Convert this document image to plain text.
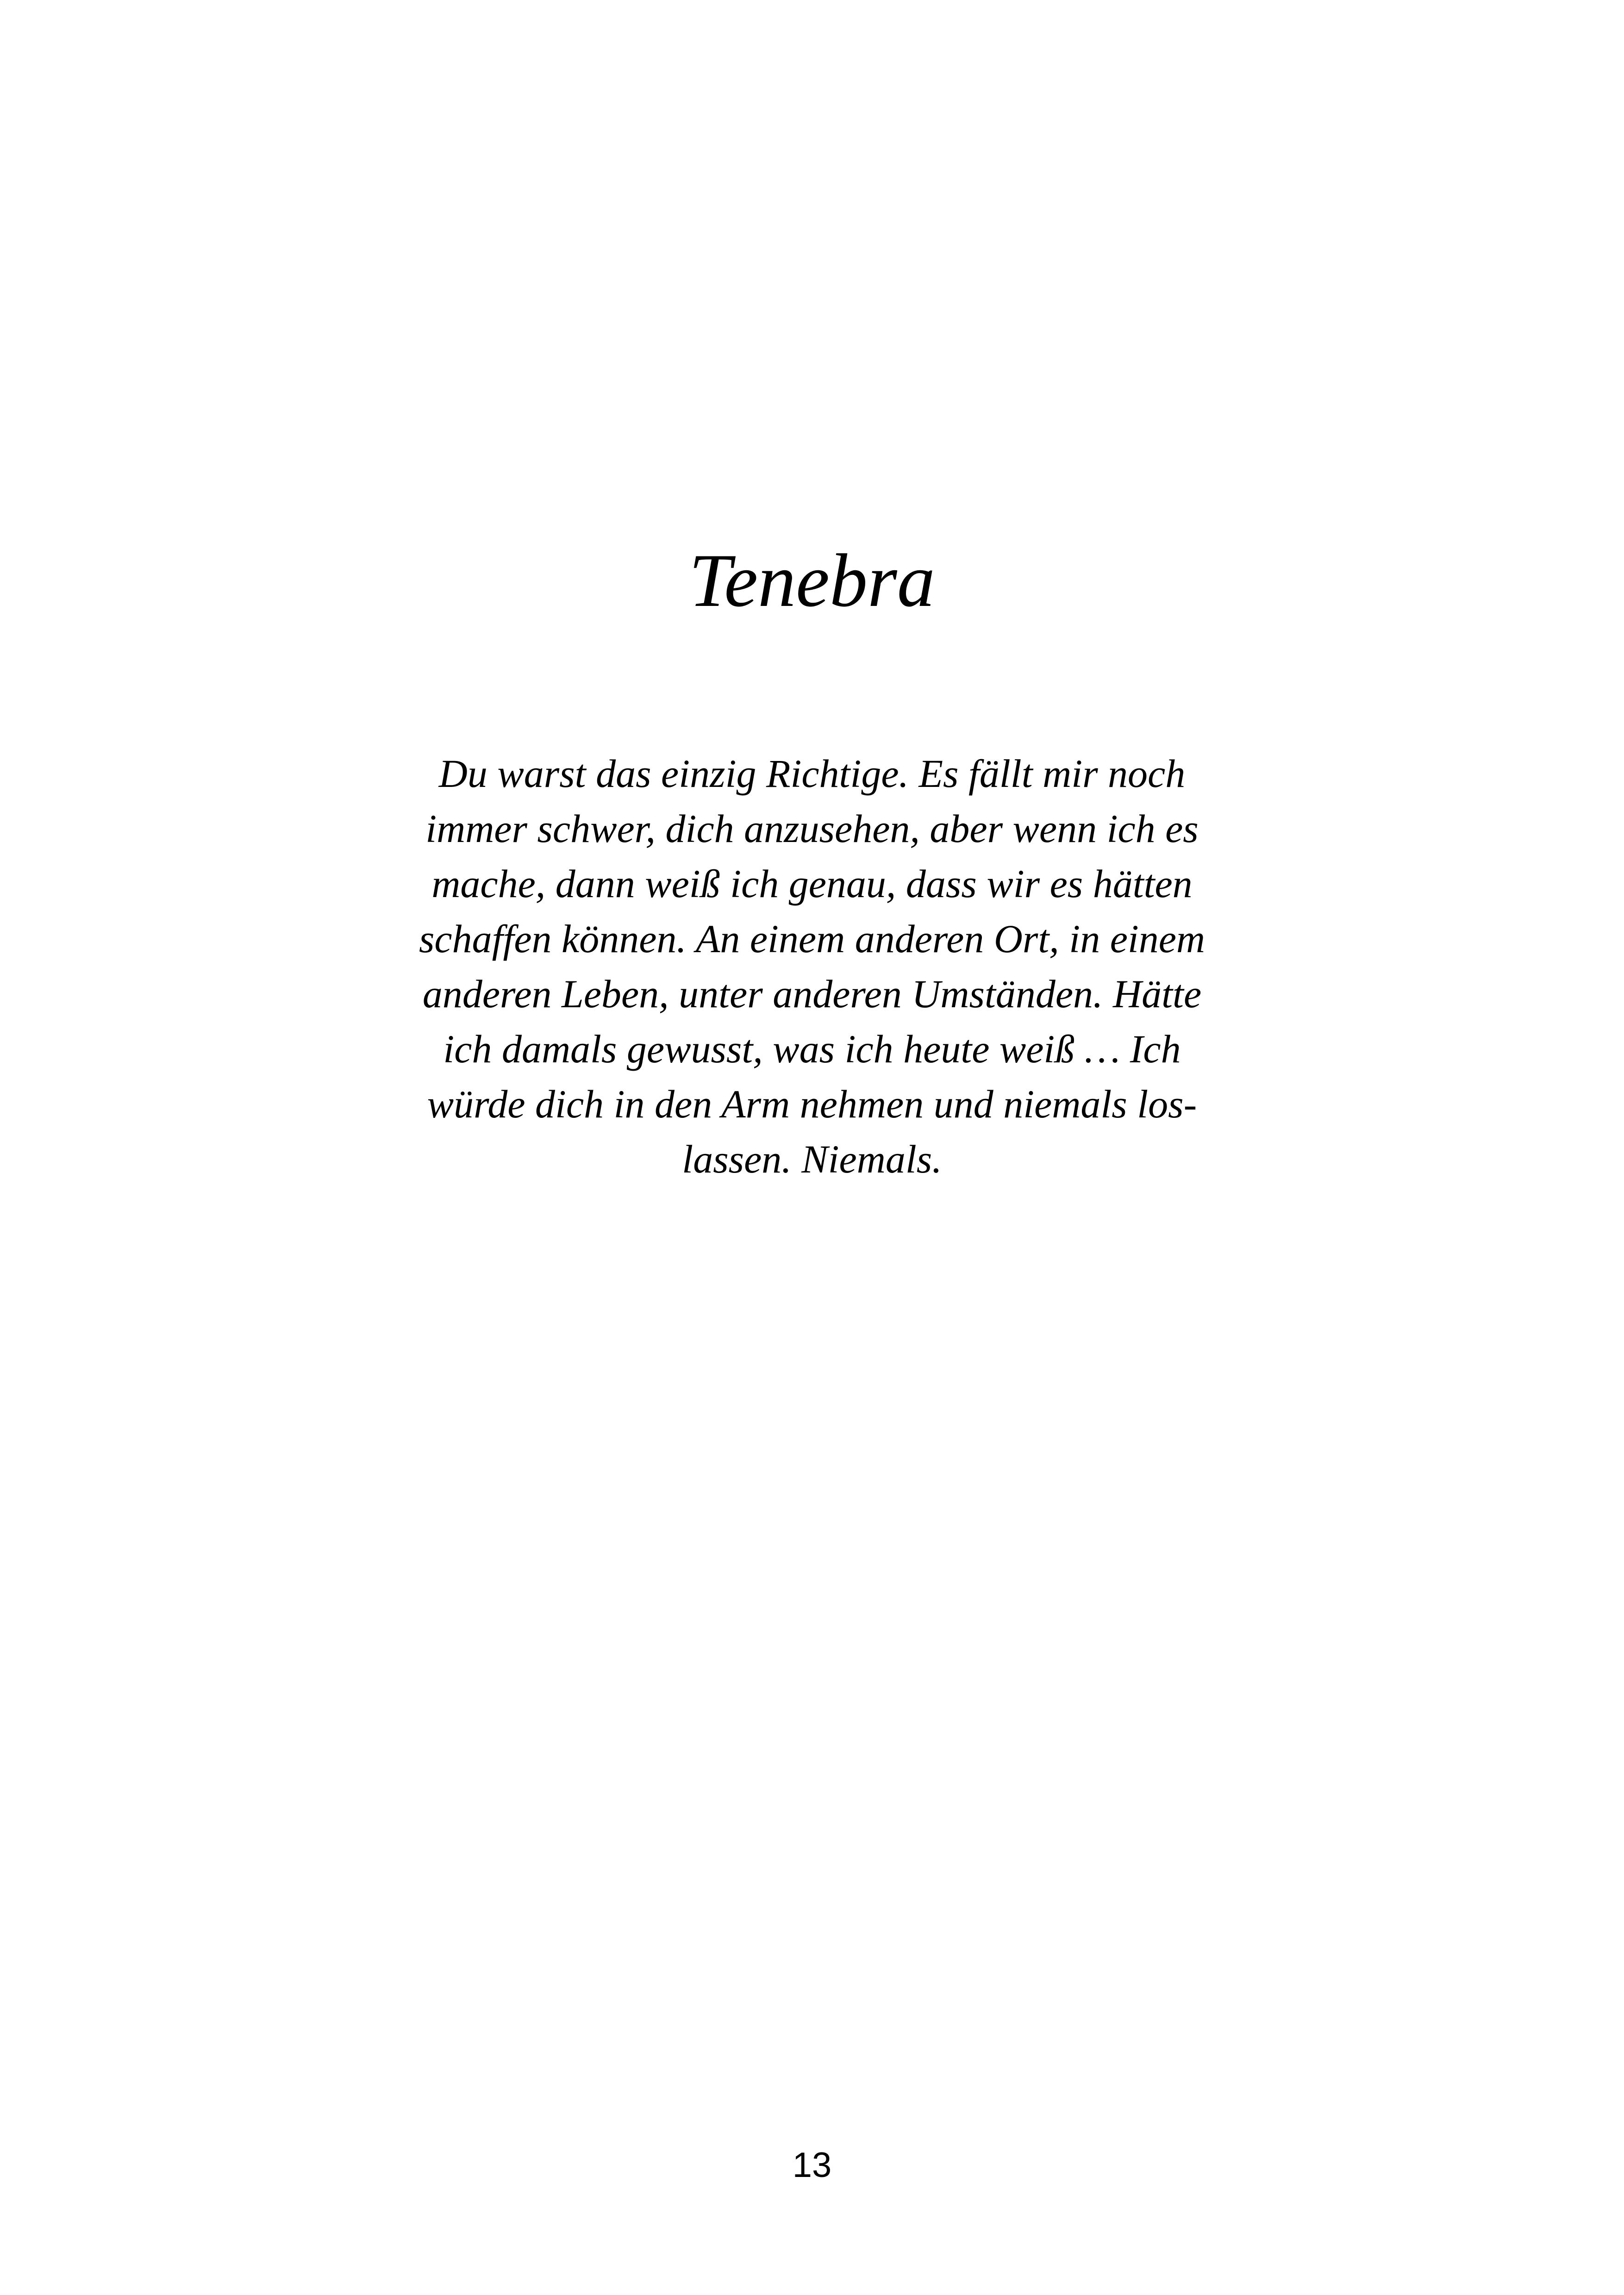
Tenebra
Du warst das einzig Richtige. Es fällt mir noch
immer schwer, dich anzusehen, aber wenn ich es
mache, dann weiß ich genau, dass wir es hätten
schaffen können. An einem anderen Ort, in einem
anderen Leben, unter anderen Umständen. Hätte
ich damals gewusst, was ich heute weiß … Ich
würde dich in den Arm nehmen und niemals los-
lassen. Niemals.
13
